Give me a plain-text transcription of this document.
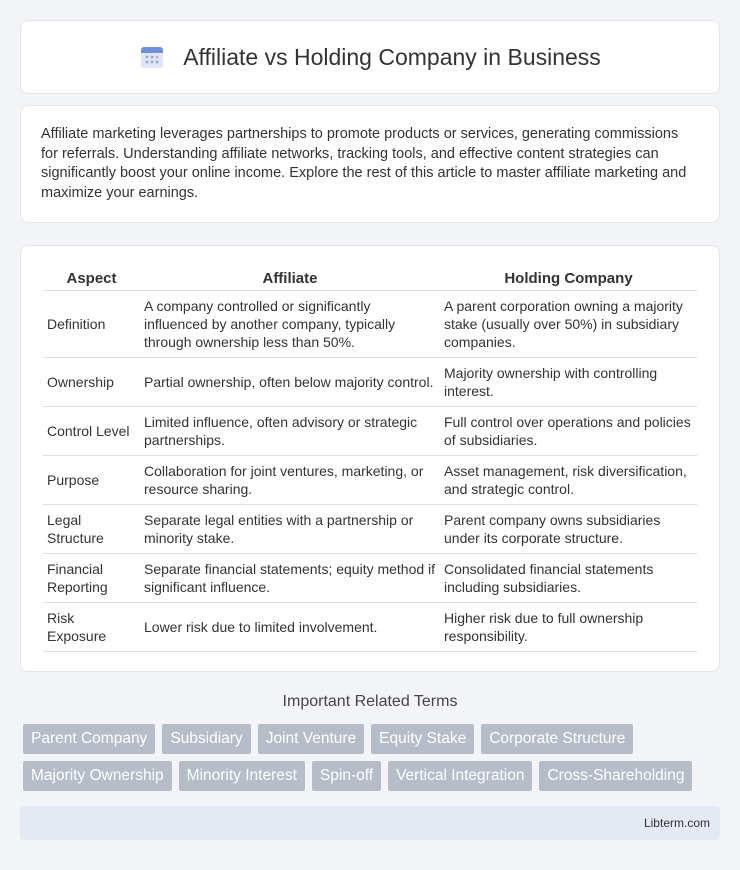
Affiliate vs Holding Company in Business

Affiliate marketing leverages partnerships to promote products or services, generating commissions for referrals. Understanding affiliate networks, tracking tools, and effective content strategies can significantly boost your online income. Explore the rest of this article to master affiliate marketing and maximize your earnings.

Aspect	Affiliate	Holding Company
Definition	A company controlled or significantly influenced by another company, typically through ownership less than 50%.	A parent corporation owning a majority stake (usually over 50%) in subsidiary companies.
Ownership	Partial ownership, often below majority control.	Majority ownership with controlling interest.
Control Level	Limited influence, often advisory or strategic partnerships.	Full control over operations and policies of subsidiaries.
Purpose	Collaboration for joint ventures, marketing, or resource sharing.	Asset management, risk diversification, and strategic control.
Legal Structure	Separate legal entities with a partnership or minority stake.	Parent company owns subsidiaries under its corporate structure.
Financial Reporting	Separate financial statements; equity method if significant influence.	Consolidated financial statements including subsidiaries.
Risk Exposure	Lower risk due to limited involvement.	Higher risk due to full ownership responsibility.
Important Related Terms
Parent Company	Subsidiary	Joint Venture	Equity Stake	Corporate Structure
Majority Ownership	Minority Interest	Spin-off	Vertical Integration	Cross-Shareholding
Libterm.com
